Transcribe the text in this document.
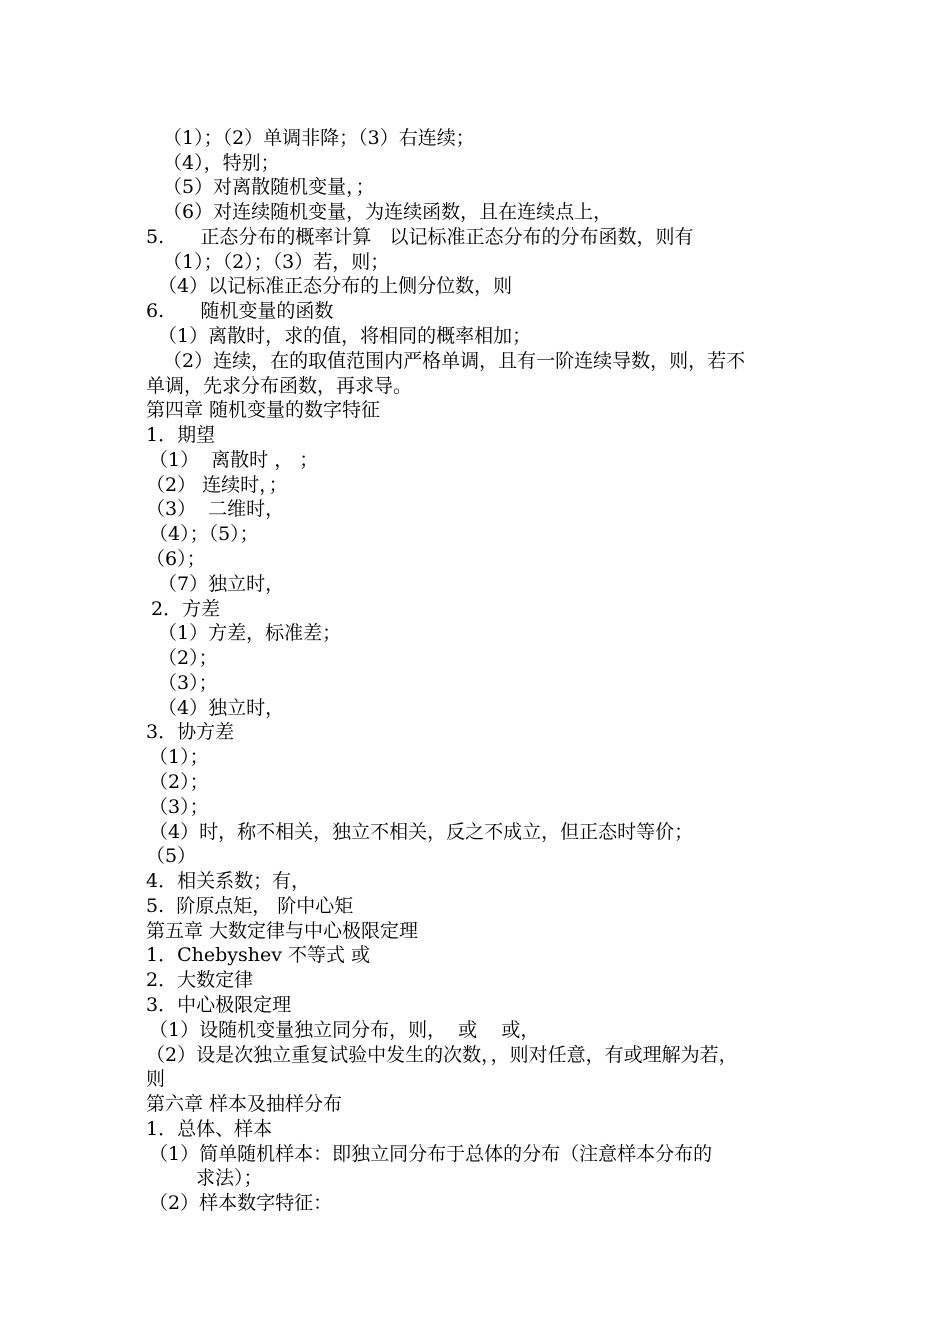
（1）；（2）单调非降；（3）右连续；

（4），特别；

（5）对离散随机变量，；

（6）对连续随机变量，为连续函数，且在连续点上，

5.      正态分布的概率计算   以记标准正态分布的分布函数，则有

（1）；（2）；（3）若，则；

（4）以记标准正态分布的上侧分位数，则

6.      随机变量的函数

（1）离散时，求的值，将相同的概率相加；

（2）连续，在的取值范围内严格单调，且有一阶连续导数，则，若不

单调，先求分布函数，再求导。

第四章 随机变量的数字特征

1．期望

（1）  离散时 ， ；

（2） 连续时，；

（3）  二维时，

（4）；（5）；

（6）；

（7）独立时，

2．方差

（1）方差，标准差；

（2）；

（3）；

（4）独立时，

3．协方差

（1）；

（2）；

（3）；

（4）时，称不相关，独立不相关，反之不成立，但正态时等价；

（5）

4．相关系数；有，

5.  阶原点矩， 阶中心矩

第五章 大数定律与中心极限定理

1．Chebyshev 不等式 或

2．大数定律

3．中心极限定理

（1）设随机变量独立同分布，则，  或    或，

（2）设是次独立重复试验中发生的次数，，则对任意，有或理解为若，

则

第六章 样本及抽样分布

1．总体、样本

（1）简单随机样本：即独立同分布于总体的分布（注意样本分布的

求法）；

（2）样本数字特征：
